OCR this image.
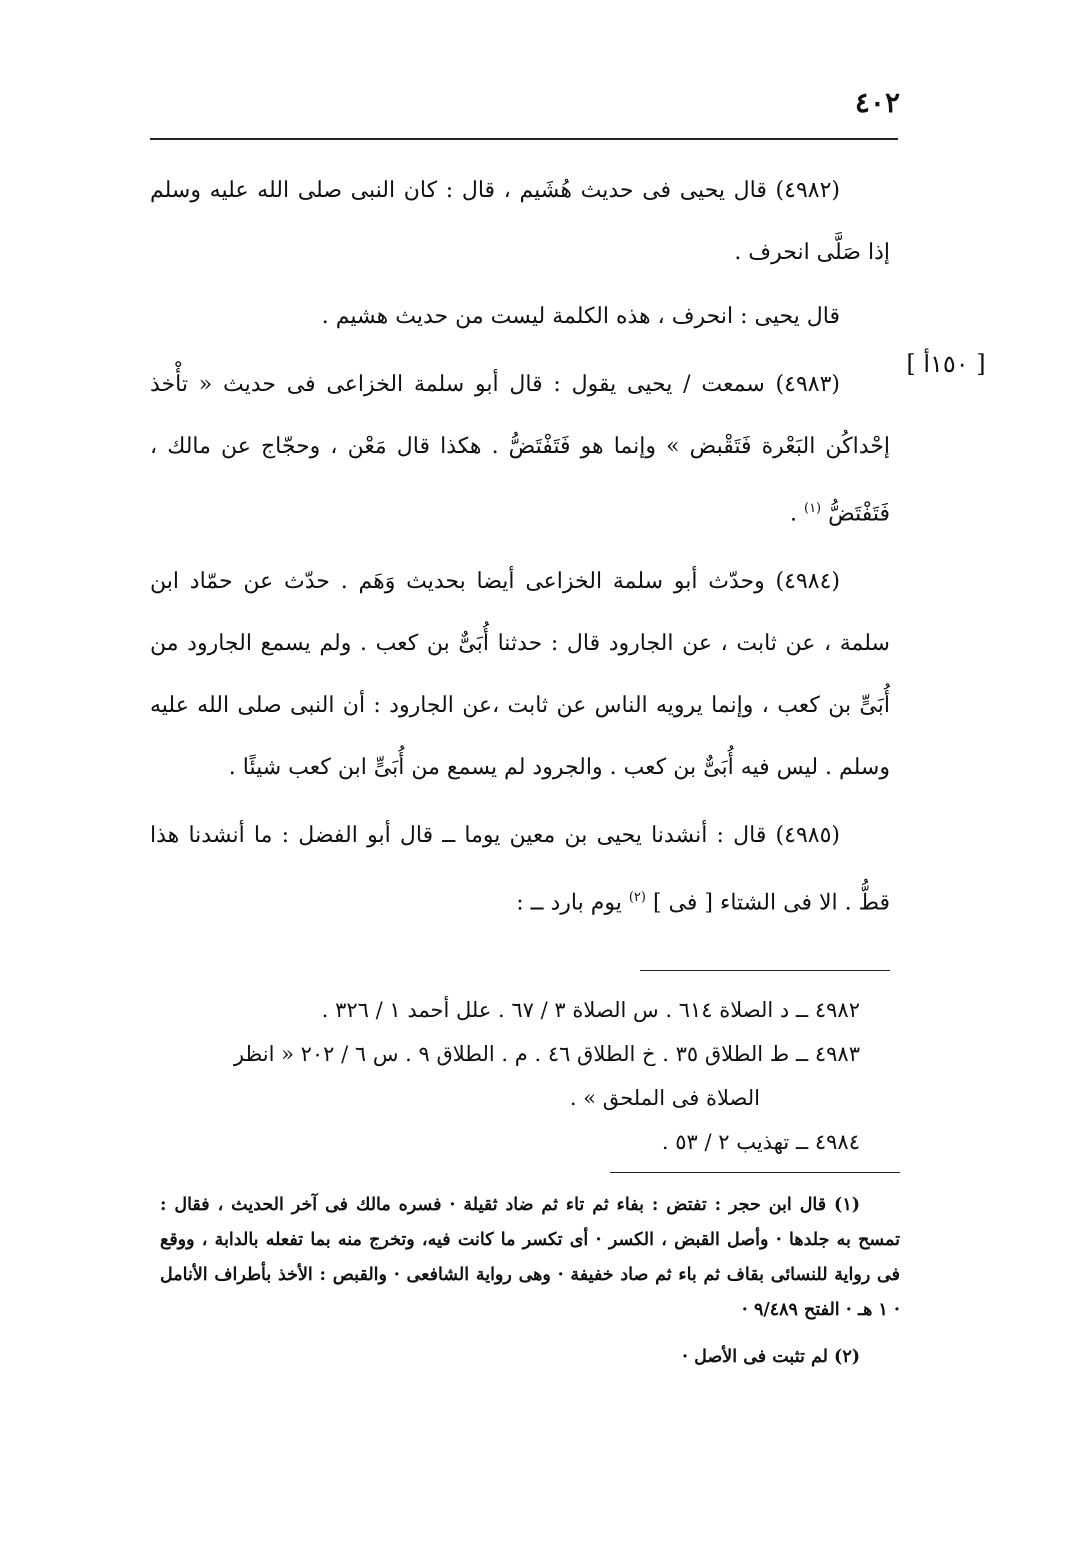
٤٠٢
[ ١٥٠أ ]

(٤٩٨٢) قال يحيى فى حديث هُشَيم ، قال : كان النبى صلى الله عليه وسلم إذا صَلَّى انحرف .

قال يحيى : انحرف ، هذه الكلمة ليست من حديث هشيم .

(٤٩٨٣) سمعت / يحيى يقول : قال أبو سلمة الخزاعى فى حديث « تأْخذ إحْداكُن البَعْرة فَتَقْبض » وإنما هو فَتَفْتَضُّ . هكذا قال مَعْن ، وحجّاج عن مالك ، فَتَفْتَضُّ $^{(١)}$ .

(٤٩٨٤) وحدّث أبو سلمة الخزاعى أيضا بحديث وَهَم . حدّث عن حمّاد ابن سلمة ، عن ثابت ، عن الجارود قال : حدثنا أُبَىٌّ بن كعب . ولم يسمع الجارود من أُبَىٍّ بن كعب ، وإنما يرويه الناس عن ثابت ،عن الجارود : أن النبى صلى الله عليه وسلم . ليس فيه أُبَىٌّ بن كعب . والجرود لم يسمع من أُبَىٍّ ابن كعب شيئًا .

(٤٩٨٥) قال : أنشدنا يحيى بن معين يوما ــ قال أبو الفضل : ما أنشدنا هذا قطُّ . الا فى الشتاء [ فى ] $^{(٢)}$ يوم بارد ــ :

٤٩٨٢ ــ د الصلاة ٦١٤ . س الصلاة ٣ / ٦٧ . علل أحمد ١ / ٣٢٦ .
٤٩٨٣ ــ ط الطلاق ٣٥ . خ الطلاق ٤٦ . م . الطلاق ٩ . س ٦ / ٢٠٢ « انظر
الصلاة فى الملحق » .
٤٩٨٤ ــ تهذيب ٢ / ٥٣ .

(١) قال ابن حجر : تفتض : بفاء ثم تاء ثم ضاد ثقيلة · فسره مالك فى آخر الحديث ، فقال : تمسح به جلدها · وأصل القبض ، الكسر · أى تكسر ما كانت فيه، وتخرج منه بما تفعله بالدابة ، ووقع فى رواية للنسائى بقاف ثم باء ثم صاد خفيفة · وهى رواية الشافعى · والقبص : الأخذ بأطراف الأنامل · ١ هـ · الفتح ٩/٤٨٩ ·

(٢) لم تثبت فى الأصل ·
